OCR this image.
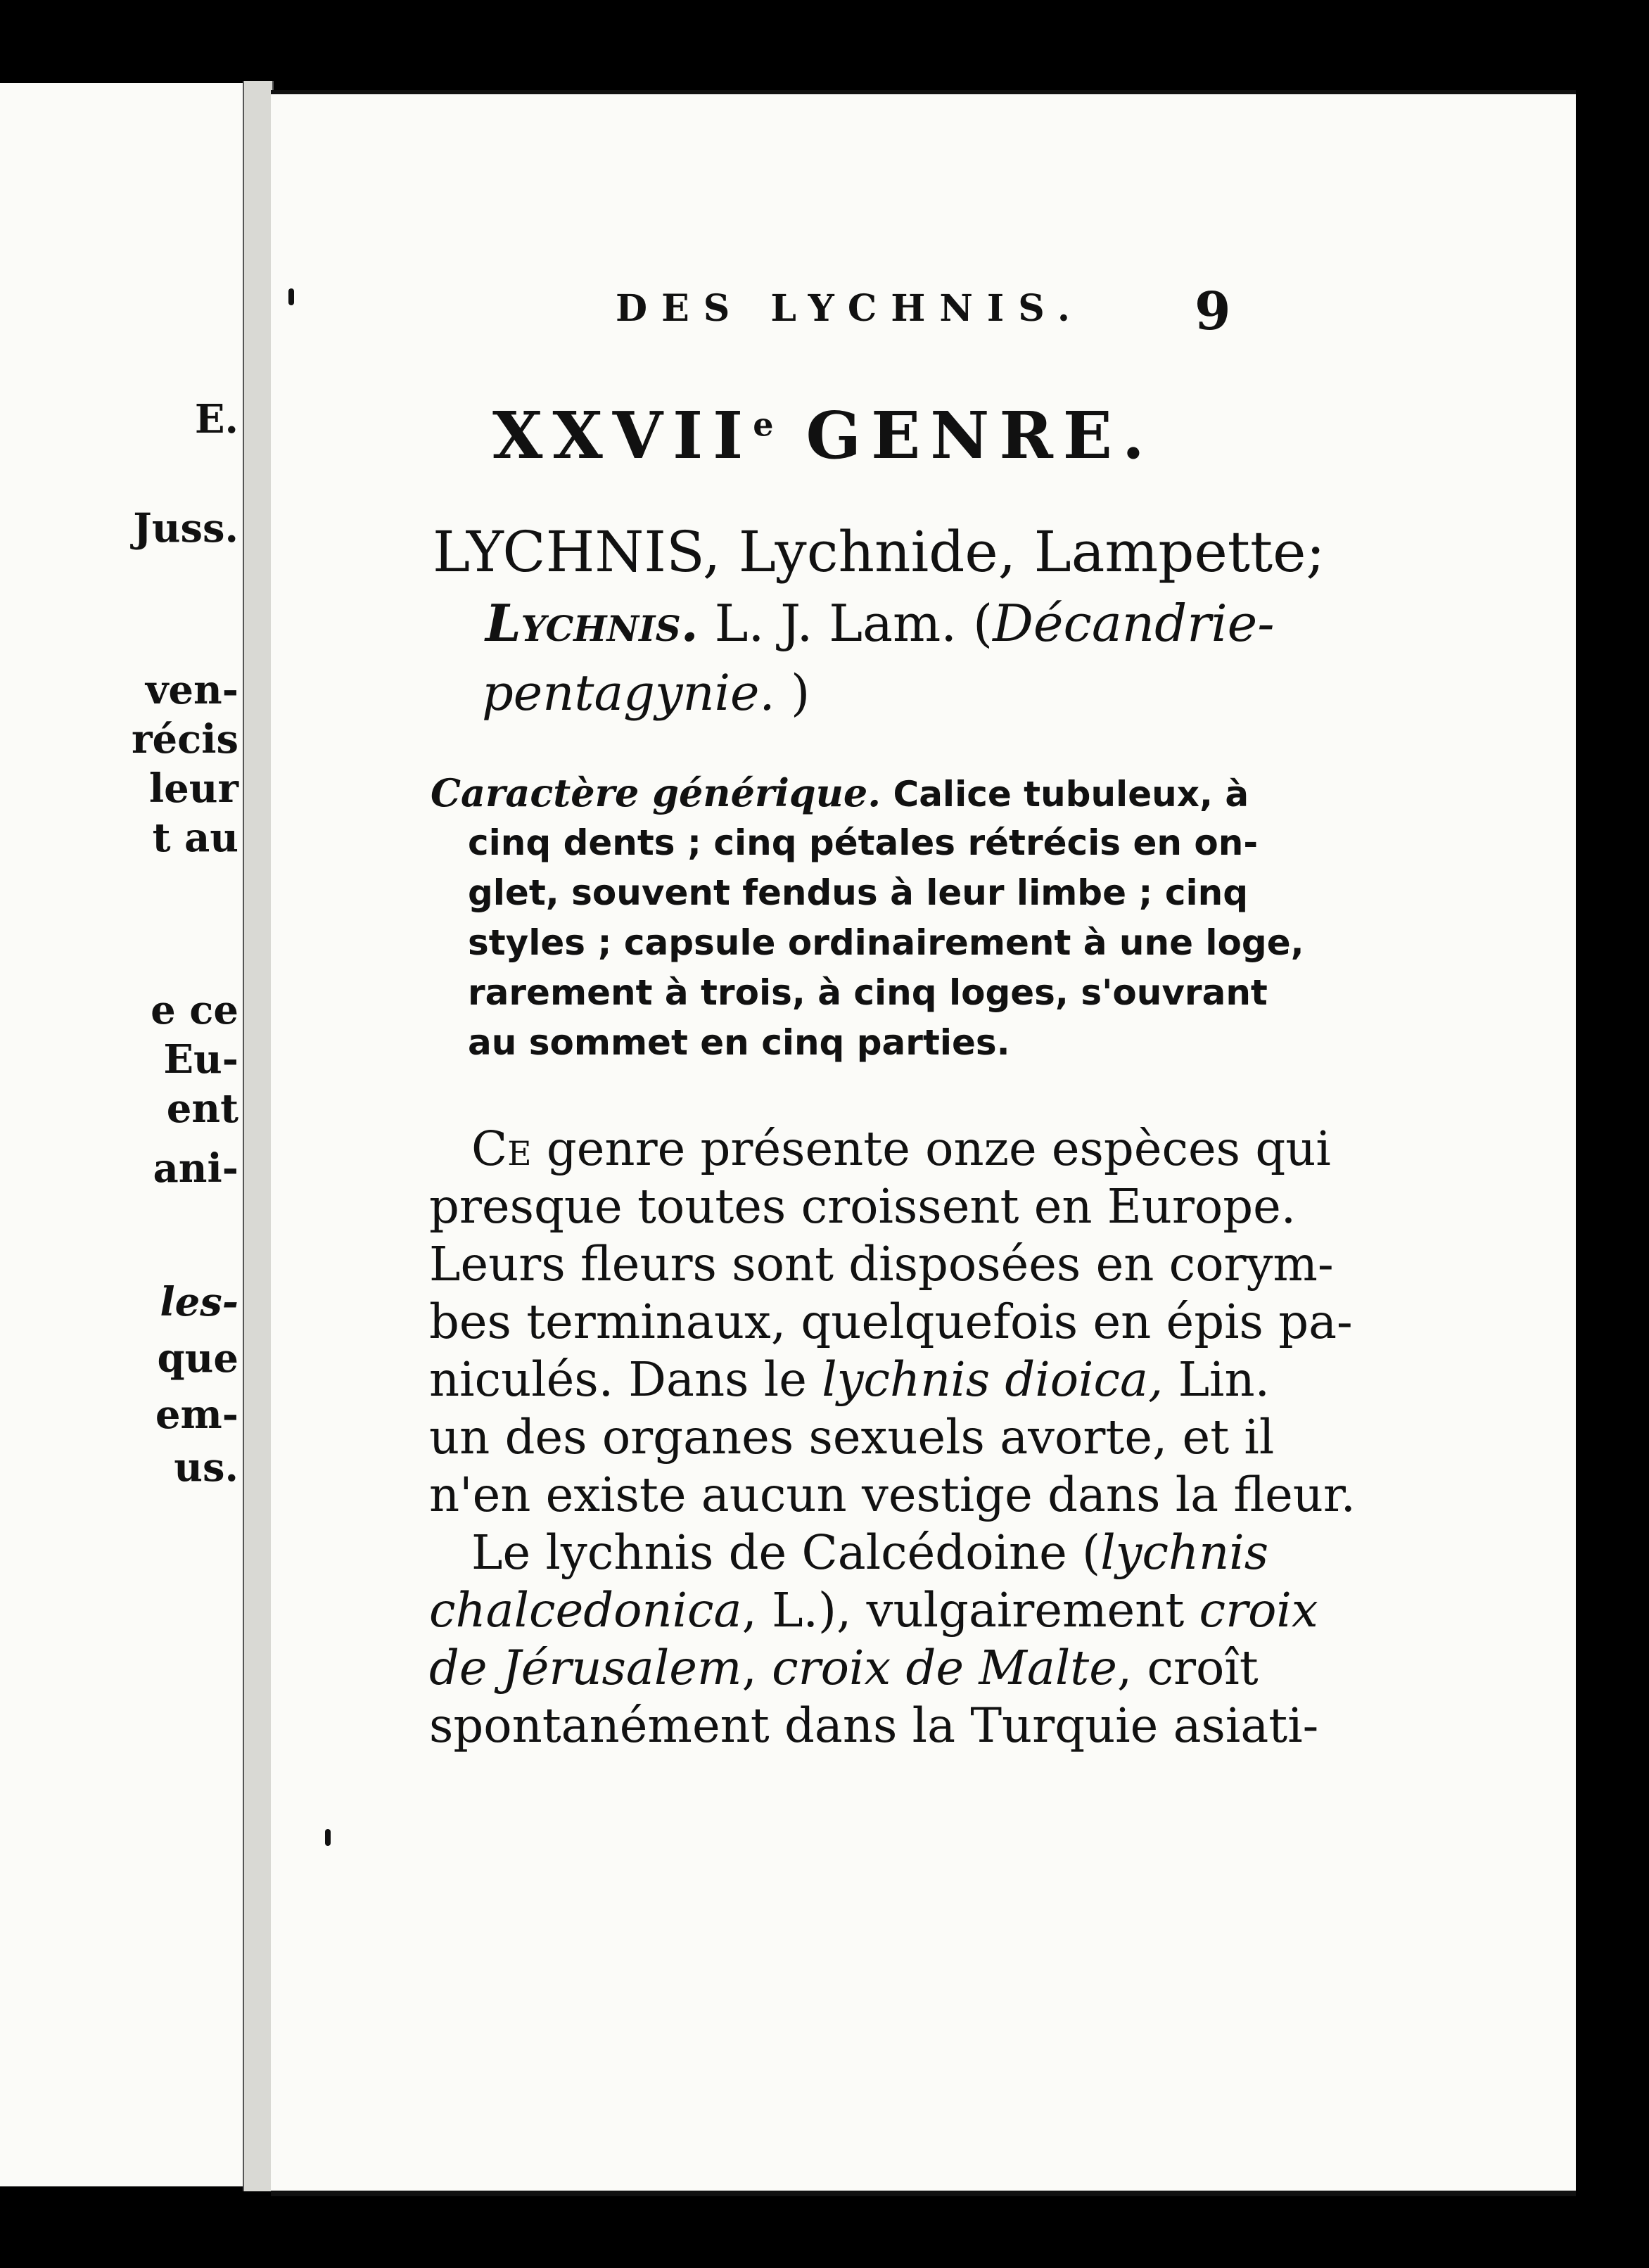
E.
Juss.
ven-
récis
leur
t au
e ce
Eu-
ent
ani-
les-
que
em-
us.
DES LYCHNIS. 9
XXVIIe GENRE.
LYCHNIS, Lychnide, Lampette;
Lychnis. L. J. Lam. (Décandrie-
pentagynie. )
Caractère générique. Calice tubuleux, à
cinq dents ; cinq pétales rétrécis en on-
glet, souvent fendus à leur limbe ; cinq
styles ; capsule ordinairement à une loge,
rarement à trois, à cinq loges, s'ouvrant
au sommet en cinq parties.
Ce genre présente onze espèces qui
presque toutes croissent en Europe.
Leurs fleurs sont disposées en corym-
bes terminaux, quelquefois en épis pa-
niculés. Dans le lychnis dioica, Lin.
un des organes sexuels avorte, et il
n'en existe aucun vestige dans la fleur.
Le lychnis de Calcédoine (lychnis
chalcedonica, L.), vulgairement croix
de Jérusalem, croix de Malte, croît
spontanément dans la Turquie asiati-
